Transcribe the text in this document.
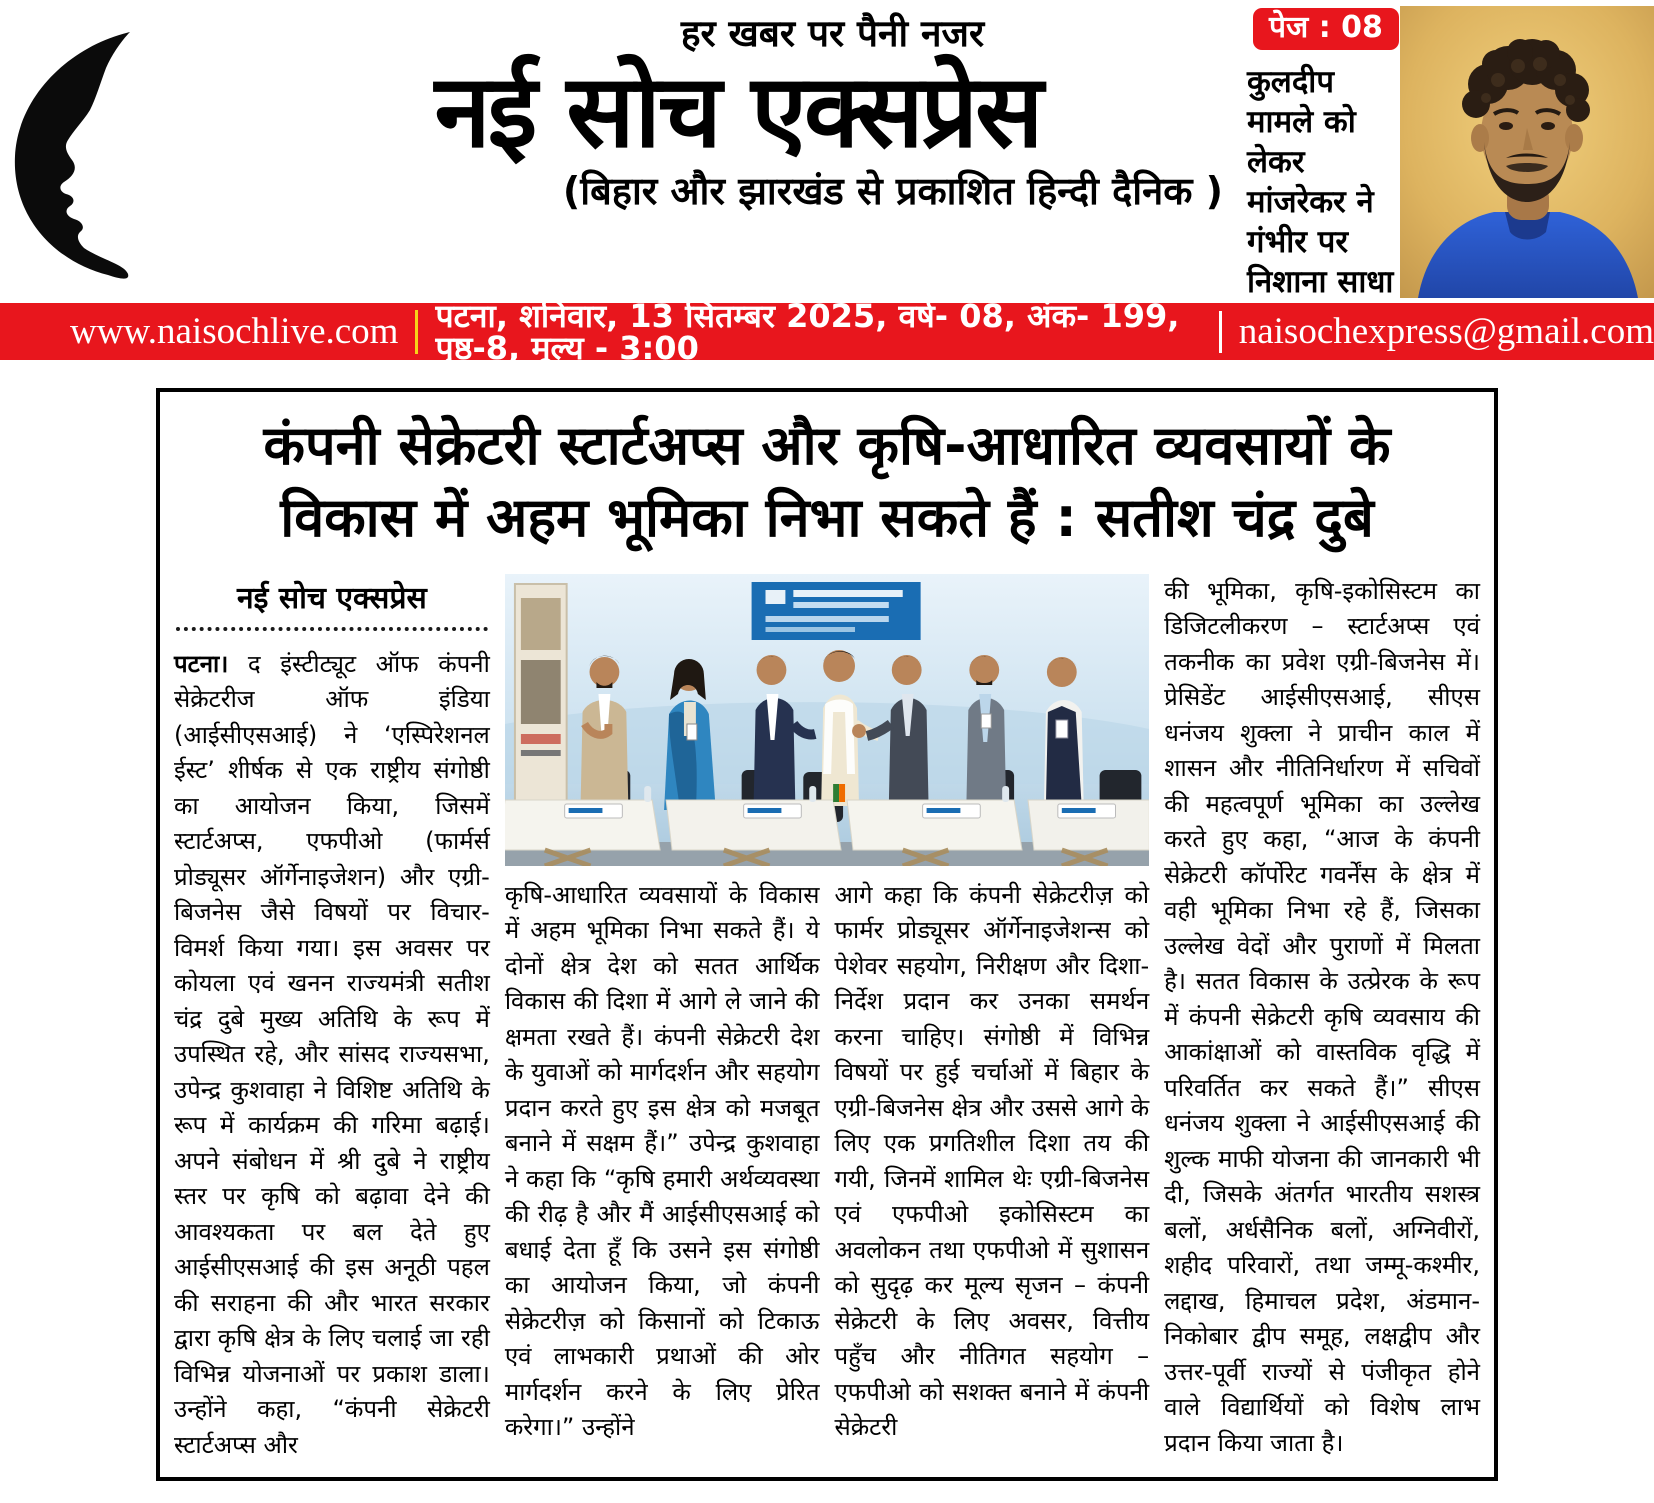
हर खबर पर पैनी नजर
नई सोच एक्सप्रेस
(बिहार और झारखंड से प्रकाशित हिन्दी दैनिक )
पेज : 08
कुलदीप मामले को लेकर मांजरेकर ने गंभीर पर निशाना साधा
www.naisochlive.com पटना, शनिवार, 13 सितम्बर 2025, वर्ष- 08, अंक- 199, पृष्ठ-8, मूल्य - 3:00	naisochexpress@gmail.com
कंपनी सेक्रेटरी स्टार्टअप्स और कृषि-आधारित व्यवसायों के विकास में अहम भूमिका निभा सकते हैं : सतीश चंद्र दुबे
नई सोच एक्सप्रेस

पटना। द इंस्टीट्यूट ऑफ कंपनी सेक्रेटरीज ऑफ इंडिया (आईसीएसआई) ने ‘एस्पिरेशनल ईस्ट’ शीर्षक से एक राष्ट्रीय संगोष्ठी का आयोजन किया, जिसमें स्टार्टअप्स, एफपीओ (फार्मर्स प्रोड्यूसर ऑर्गेनाइजेशन) और एग्री-बिजनेस जैसे विषयों पर विचार-विमर्श किया गया। इस अवसर पर कोयला एवं खनन राज्यमंत्री सतीश चंद्र दुबे मुख्य अतिथि के रूप में उपस्थित रहे, और सांसद राज्यसभा, उपेन्द्र कुशवाहा ने विशिष्ट अतिथि के रूप में कार्यक्रम की गरिमा बढ़ाई। अपने संबोधन में श्री दुबे ने राष्ट्रीय स्तर पर कृषि को बढ़ावा देने की आवश्यकता पर बल देते हुए आईसीएसआई की इस अनूठी पहल की सराहना की और भारत सरकार द्वारा कृषि क्षेत्र के लिए चलाई जा रही विभिन्न योजनाओं पर प्रकाश डाला। उन्होंने कहा, “कंपनी सेक्रेटरी स्टार्टअप्स और

कृषि-आधारित व्यवसायों के विकास में अहम भूमिका निभा सकते हैं। ये दोनों क्षेत्र देश को सतत आर्थिक विकास की दिशा में आगे ले जाने की क्षमता रखते हैं। कंपनी सेक्रेटरी देश के युवाओं को मार्गदर्शन और सहयोग प्रदान करते हुए इस क्षेत्र को मजबूत बनाने में सक्षम हैं।” उपेन्द्र कुशवाहा ने कहा कि “कृषि हमारी अर्थव्यवस्था की रीढ़ है और मैं आईसीएसआई को बधाई देता हूँ कि उसने इस संगोष्ठी का आयोजन किया, जो कंपनी सेक्रेटरीज़ को किसानों को टिकाऊ एवं लाभकारी प्रथाओं की ओर मार्गदर्शन करने के लिए प्रेरित करेगा।” उन्होंने

आगे कहा कि कंपनी सेक्रेटरीज़ को फार्मर प्रोड्यूसर ऑर्गेनाइजेशन्स को पेशेवर सहयोग, निरीक्षण और दिशा-निर्देश प्रदान कर उनका समर्थन करना चाहिए। संगोष्ठी में विभिन्न विषयों पर हुई चर्चाओं में बिहार के एग्री-बिजनेस क्षेत्र और उससे आगे के लिए एक प्रगतिशील दिशा तय की गयी, जिनमें शामिल थेः एग्री-बिजनेस एवं एफपीओ इकोसिस्टम का अवलोकन तथा एफपीओ में सुशासन को सुदृढ़ कर मूल्य सृजन – कंपनी सेक्रेटरी के लिए अवसर, वित्तीय पहुँच और नीतिगत सहयोग – एफपीओ को सशक्त बनाने में कंपनी सेक्रेटरी

की भूमिका, कृषि-इकोसिस्टम का डिजिटलीकरण – स्टार्टअप्स एवं तकनीक का प्रवेश एग्री-बिजनेस में। प्रेसिडेंट आईसीएसआई, सीएस धनंजय शुक्ला ने प्राचीन काल में शासन और नीतिनिर्धारण में सचिवों की महत्वपूर्ण भूमिका का उल्लेख करते हुए कहा, “आज के कंपनी सेक्रेटरी कॉर्पोरेट गवर्नेंस के क्षेत्र में वही भूमिका निभा रहे हैं, जिसका उल्लेख वेदों और पुराणों में मिलता है। सतत विकास के उत्प्रेरक के रूप में कंपनी सेक्रेटरी कृषि व्यवसाय की आकांक्षाओं को वास्तविक वृद्धि में परिवर्तित कर सकते हैं।” सीएस धनंजय शुक्ला ने आईसीएसआई की शुल्क माफी योजना की जानकारी भी दी, जिसके अंतर्गत भारतीय सशस्त्र बलों, अर्धसैनिक बलों, अग्निवीरों, शहीद परिवारों, तथा जम्मू-कश्मीर, लद्दाख, हिमाचल प्रदेश, अंडमान-निकोबार द्वीप समूह, लक्षद्वीप और उत्तर-पूर्वी राज्यों से पंजीकृत होने वाले विद्यार्थियों को विशेष लाभ प्रदान किया जाता है।
